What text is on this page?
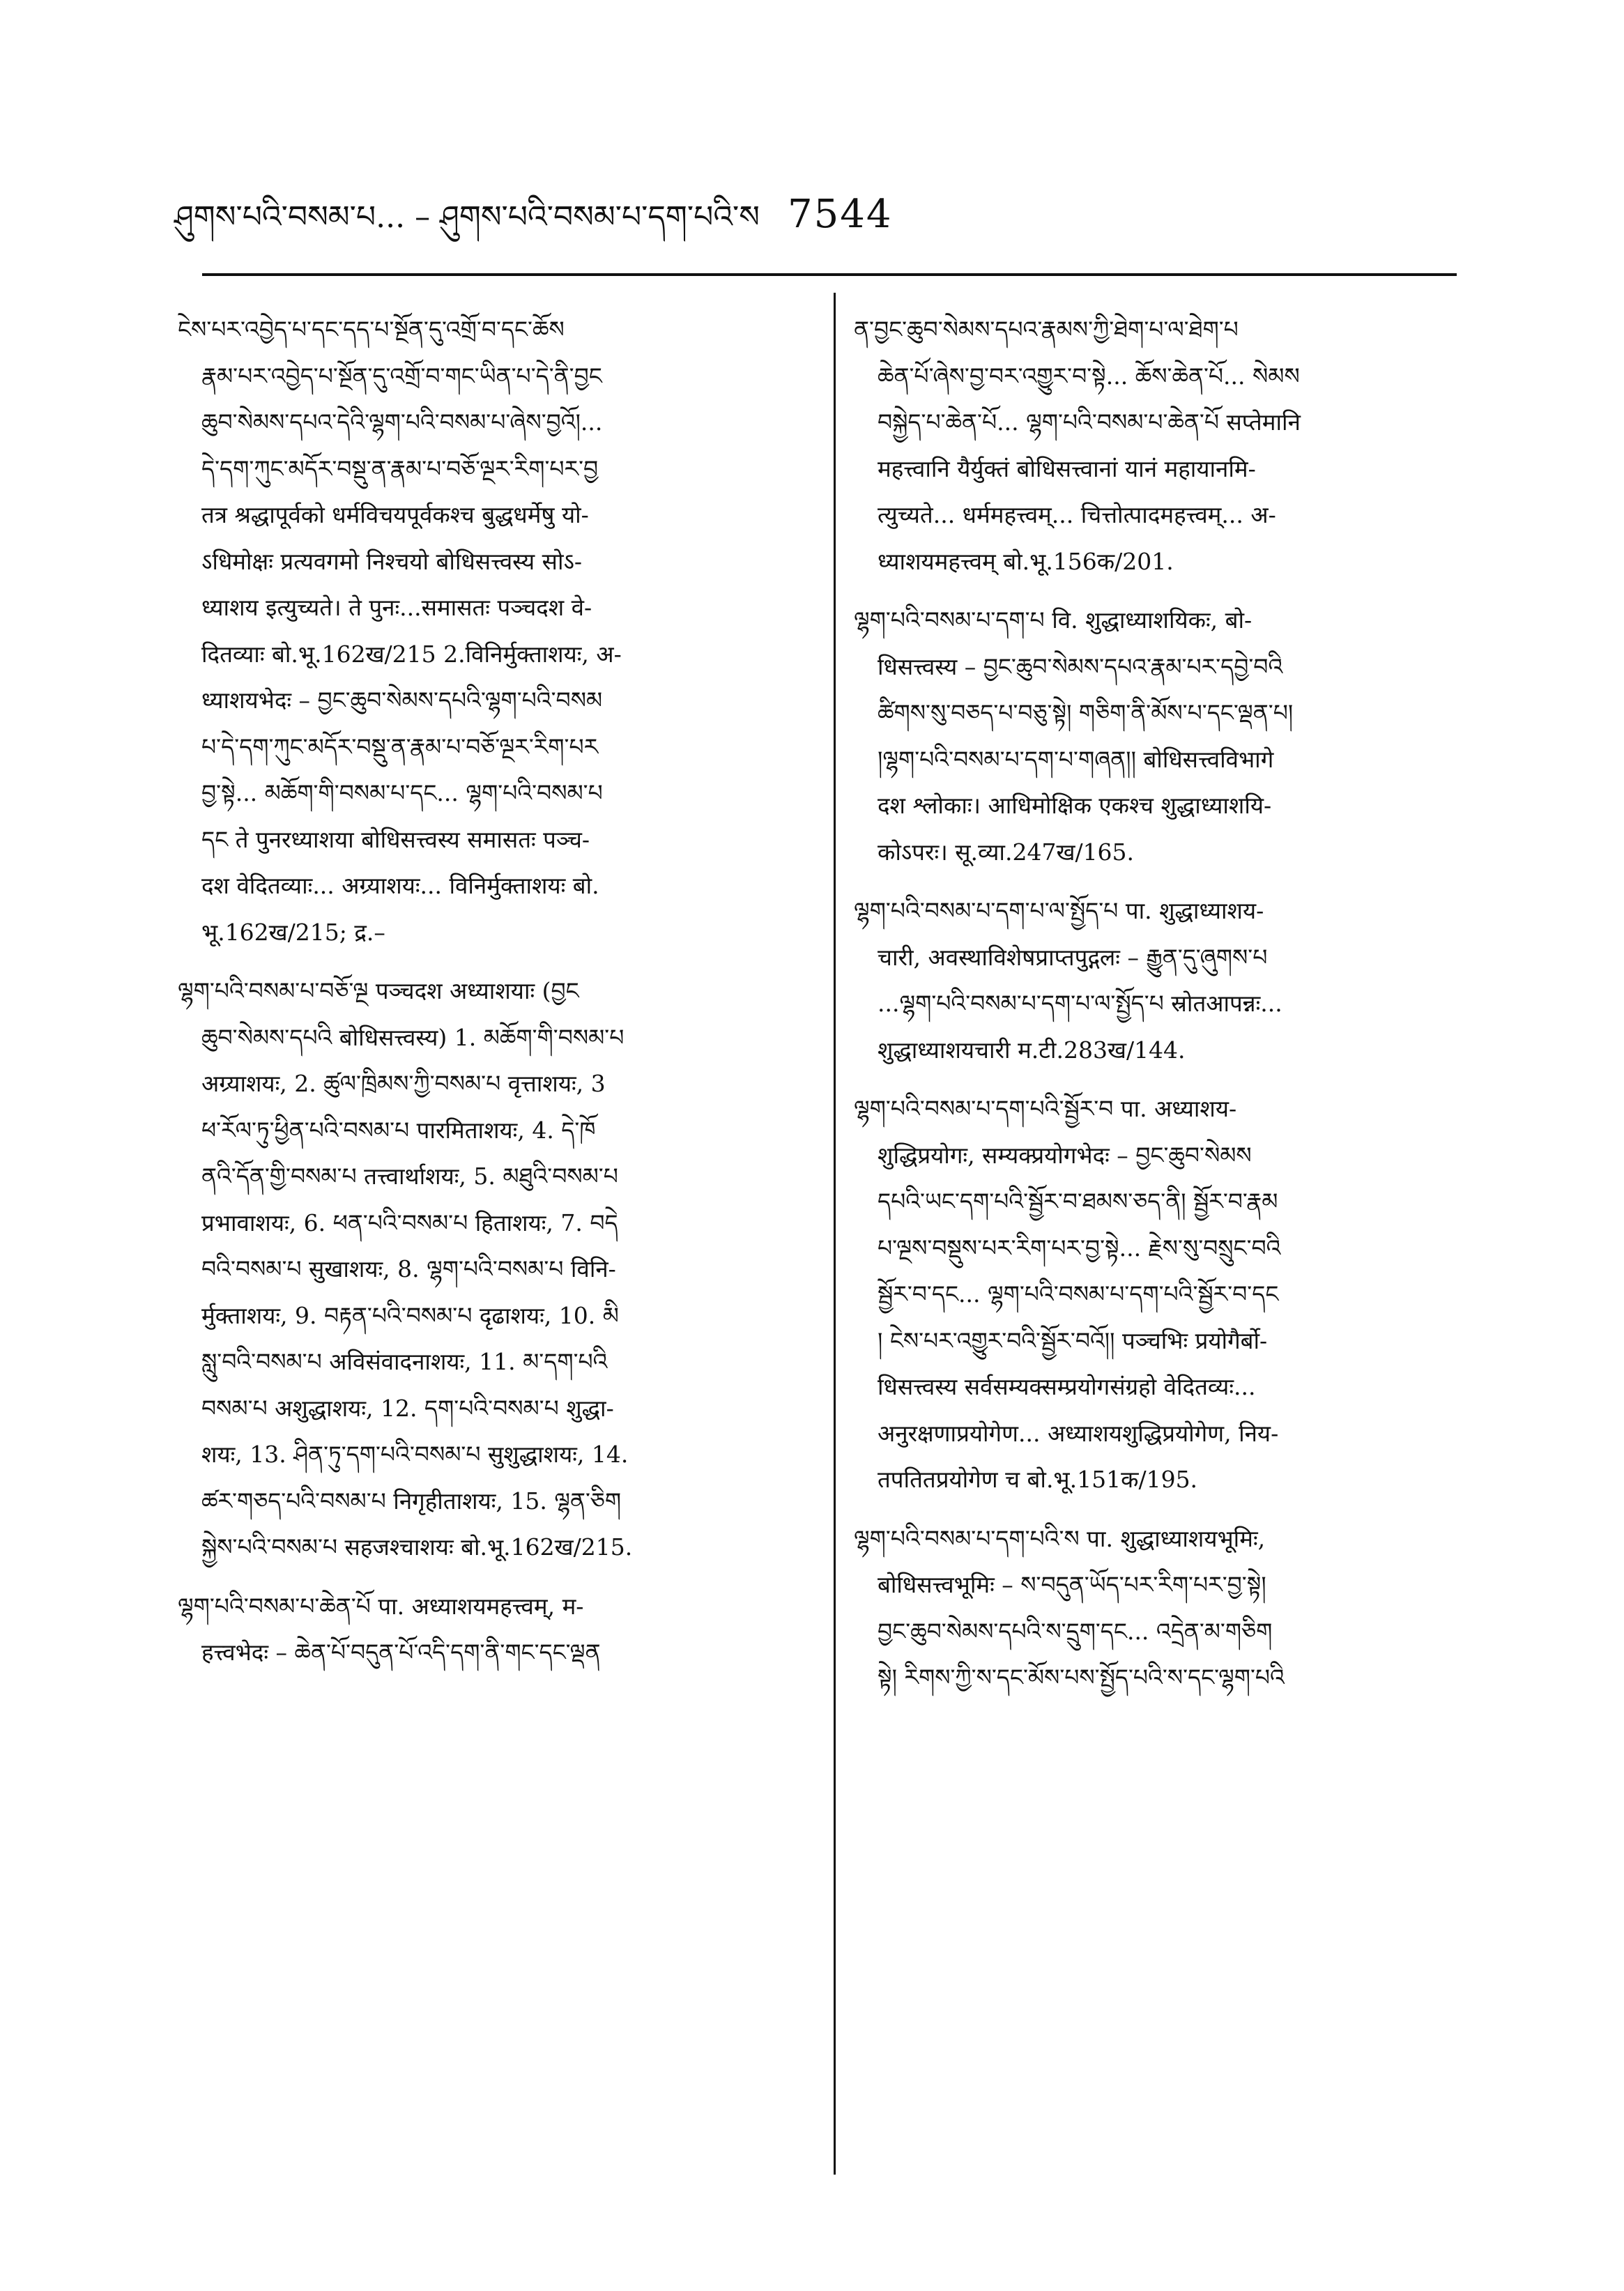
ཤུགས་པའི་བསམ་པ... – ཤུགས་པའི་བསམ་པ་དག་པའི་ས 7544
ངེས་པར་འབྱེད་པ་དང་དད་པ་སྔོན་དུ་འགྲོ་བ་དང་ཆོས
རྣམ་པར་འབྱེད་པ་སྔོན་དུ་འགྲོ་བ་གང་ཡིན་པ་དེ་ནི་བྱང
ཆུབ་སེམས་དཔའ་དེའི་ལྷག་པའི་བསམ་པ་ཞེས་བྱའོ།...
དེ་དག་ཀུང་མདོར་བསྡུ་ན་རྣམ་པ་བཅོ་ལྔར་རིག་པར་བྱ
तत्र श्रद्धापूर्वको धर्मविचयपूर्वकश्च बुद्धधर्मेषु यो-
ऽधिमोक्षः प्रत्यवगमो निश्चयो बोधिसत्त्वस्य सोऽ-
ध्याशय इत्युच्यते। ते पुनः...समासतः पञ्चदश वे-
दितव्याः बो.भू.162ख/215 2.विनिर्मुक्ताशयः, अ-
ध्याशयभेदः – བྱང་ཆུབ་སེམས་དཔའི་ལྷག་པའི་བསམ
པ་དེ་དག་ཀུང་མདོར་བསྡུ་ན་རྣམ་པ་བཅོ་ལྔར་རིག་པར
བྱ་སྟེ... མཆོག་གི་བསམ་པ་དང... ལྷག་པའི་བསམ་པ
དང ते पुनरध्याशया बोधिसत्त्वस्य समासतः पञ्च-
दश वेदितव्याः... अग्र्याशयः... विनिर्मुक्ताशयः बो.
भू.162ख/215; द्र.–
ལྷག་པའི་བསམ་པ་བཅོ་ལྔ पञ्चदश अध्याशयाः (བྱང
ཆུབ་སེམས་དཔའི बोधिसत्त्वस्य) 1. མཆོག་གི་བསམ་པ
अग्र्याशयः, 2. ཚུལ་ཁྲིམས་ཀྱི་བསམ་པ वृत्ताशयः, 3
ཕ་རོལ་ཏུ་ཕྱིན་པའི་བསམ་པ पारमिताशयः, 4. དེ་ཁོ
ནའི་དོན་གྱི་བསམ་པ तत्त्वार्थाशयः, 5. མཐུའི་བསམ་པ
प्रभावाशयः, 6. ཕན་པའི་བསམ་པ हिताशयः, 7. བདེ
བའི་བསམ་པ सुखाशयः, 8. ལྷག་པའི་བསམ་པ विनि-
र्मुक्ताशयः, 9. བརྟན་པའི་བསམ་པ दृढाशयः, 10. མི
སླུ་བའི་བསམ་པ अविसंवादनाशयः, 11. མ་དག་པའི
བསམ་པ अशुद्धाशयः, 12. དག་པའི་བསམ་པ शुद्धा-
शयः, 13. ཤིན་ཏུ་དག་པའི་བསམ་པ सुशुद्धाशयः, 14.
ཚར་གཅད་པའི་བསམ་པ निगृहीताशयः, 15. ལྷན་ཅིག
སྐྱེས་པའི་བསམ་པ सहजश्चाशयः बो.भू.162ख/215.
ལྷག་པའི་བསམ་པ་ཆེན་པོ पा. अध्याशयमहत्त्वम्, म-
हत्त्वभेदः – ཆེན་པོ་བདུན་པོ་འདི་དག་ནི་གང་དང་ལྡན
ན་བྱང་ཆུབ་སེམས་དཔའ་རྣམས་ཀྱི་ཐེག་པ་ལ་ཐེག་པ
ཆེན་པོ་ཞེས་བྱ་བར་འགྱུར་བ་སྟེ... ཆོས་ཆེན་པོ... སེམས
བསྐྱེད་པ་ཆེན་པོ... ལྷག་པའི་བསམ་པ་ཆེན་པོ सप्तेमानि
महत्त्वानि यैर्युक्तं बोधिसत्त्वानां यानं महायानमि-
त्युच्यते... धर्ममहत्त्वम्... चित्तोत्पादमहत्त्वम्... अ-
ध्याशयमहत्त्वम् बो.भू.156क/201.
ལྷག་པའི་བསམ་པ་དག་པ वि. शुद्धाध्याशयिकः, बो-
धिसत्त्वस्य – བྱང་ཆུབ་སེམས་དཔའ་རྣམ་པར་དབྱེ་བའི
ཚིགས་སུ་བཅད་པ་བཅུ་སྟེ། གཅིག་ནི་མོས་པ་དང་ལྡན་པ།
།ལྷག་པའི་བསམ་པ་དག་པ་གཞན།། बोधिसत्त्वविभागे
दश श्लोकाः। आधिमोक्षिक एकश्च शुद्धाध्याशयि-
कोऽपरः। सू.व्या.247ख/165.
ལྷག་པའི་བསམ་པ་དག་པ་ལ་སྤྱོད་པ पा. शुद्धाध्याशय-
चारी, अवस्थाविशेषप्राप्तपुद्गलः – རྒྱུན་དུ་ཞུགས་པ
...ལྷག་པའི་བསམ་པ་དག་པ་ལ་སྤྱོད་པ स्रोतआपन्नः...
शुद्धाध्याशयचारी म.टी.283ख/144.
ལྷག་པའི་བསམ་པ་དག་པའི་སྦྱོར་བ पा. अध्याशय-
शुद्धिप्रयोगः, सम्यक्प्रयोगभेदः – བྱང་ཆུབ་སེམས
དཔའི་ཡང་དག་པའི་སྦྱོར་བ་ཐམས་ཅད་ནི། སྦྱོར་བ་རྣམ
པ་ལྔས་བསྡུས་པར་རིག་པར་བྱ་སྟེ... རྗེས་སུ་བསྲུང་བའི
སྦྱོར་བ་དང... ལྷག་པའི་བསམ་པ་དག་པའི་སྦྱོར་བ་དང
། ངེས་པར་འགྱུར་བའི་སྦྱོར་བའོ།། पञ्चभिः प्रयोगैर्बो-
धिसत्त्वस्य सर्वसम्यक्सम्प्रयोगसंग्रहो वेदितव्यः...
अनुरक्षणाप्रयोगेण... अध्याशयशुद्धिप्रयोगेण, निय-
तपतितप्रयोगेण च बो.भू.151क/195.
ལྷག་པའི་བསམ་པ་དག་པའི་ས पा. शुद्धाध्याशयभूमिः,
बोधिसत्त्वभूमिः – ས་བདུན་ཡོད་པར་རིག་པར་བྱ་སྟེ།
བྱང་ཆུབ་སེམས་དཔའི་ས་དྲུག་དང... འདྲེན་མ་གཅིག
སྟེ། རིགས་ཀྱི་ས་དང་མོས་པས་སྤྱོད་པའི་ས་དང་ལྷག་པའི
